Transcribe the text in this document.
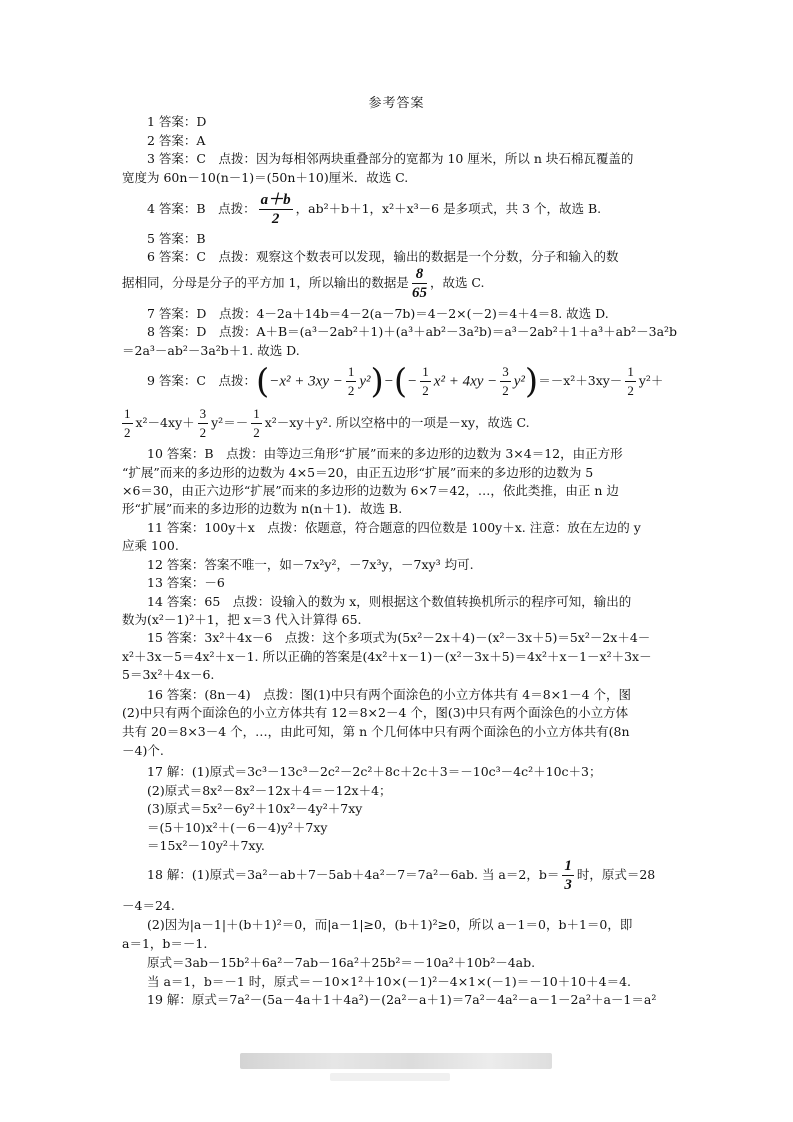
参考答案
1 答案：D
2 答案：A
3 答案：C　点拨：因为每相邻两块重叠部分的宽都为 10 厘米，所以 n 块石棉瓦覆盖的
宽度为 60n－10(n－1)＝(50n＋10)厘米．故选 C.
4 答案：B　点拨： $\frac{a+b}{2}$ ，ab²＋b＋1，x²＋x³－6 是多项式，共 3 个，故选 B.
5 答案：B
6 答案：C　点拨：观察这个数表可以发现，输出的数据是一个分数，分子和输入的数
据相同，分母是分子的平方加 1，所以输出的数据是 $\frac{8}{65}$ ，故选 C.
7 答案：D　点拨：4－2a＋14b＝4－2(a－7b)＝4－2×(－2)＝4＋4＝8. 故选 D.
8 答案：D　点拨：A＋B＝(a³－2ab²＋1)＋(a³＋ab²－3a²b)＝a³－2ab²＋1＋a³＋ab²－3a²b
＝2a³－ab²－3a²b＋1. 故选 D.
9 答案：C　点拨：$(-x^2 + 3xy - \frac{1}{2} y^2)-(- \frac{1}{2} x^2 + 4xy - \frac{3}{2} y^2)=-x^2+3xy- \frac{1}{2} y^2+$
$\frac{1}{2} x^2-4xy+ \frac{3}{2} y^2=- \frac{1}{2} x^2-xy+y^2$. 所以空格中的一项是－xy，故选 C.
10 答案：B　点拨：由等边三角形“扩展”而来的多边形的边数为 3×4＝12，由正方形
“扩展”而来的多边形的边数为 4×5＝20，由正五边形“扩展”而来的多边形的边数为 5
×6＝30，由正六边形“扩展”而来的多边形的边数为 6×7＝42，…，依此类推，由正 n 边
形“扩展”而来的多边形的边数为 n(n＋1)．故选 B.
11 答案：100y＋x　点拨：依题意，符合题意的四位数是 100y＋x. 注意：放在左边的 y
应乘 100.
12 答案：答案不唯一，如－7x²y²，－7x³y，－7xy³ 均可.
13 答案：－6
14 答案：65　点拨：设输入的数为 x，则根据这个数值转换机所示的程序可知，输出的
数为(x²－1)²＋1，把 x＝3 代入计算得 65.
15 答案：3x²＋4x－6　点拨：这个多项式为(5x²－2x＋4)－(x²－3x＋5)＝5x²－2x＋4－
x²＋3x－5＝4x²＋x－1. 所以正确的答案是(4x²＋x－1)－(x²－3x＋5)＝4x²＋x－1－x²＋3x－
5＝3x²＋4x－6.
16 答案：(8n－4)　点拨：图(1)中只有两个面涂色的小立方体共有 4＝8×1－4 个，图
(2)中只有两个面涂色的小立方体共有 12＝8×2－4 个，图(3)中只有两个面涂色的小立方体
共有 20＝8×3－4 个，…，由此可知，第 n 个几何体中只有两个面涂色的小立方体共有(8n
－4)个.
17 解：(1)原式＝3c³－13c³－2c²－2c²＋8c＋2c＋3＝－10c³－4c²＋10c＋3；
(2)原式＝8x²－8x²－12x＋4＝－12x＋4；
(3)原式＝5x²－6y²＋10x²－4y²＋7xy
＝(5＋10)x²＋(－6－4)y²＋7xy
＝15x²－10y²＋7xy.
18 解：(1)原式＝3a²－ab＋7－5ab＋4a²－7＝7a²－6ab. 当 a＝2，$b= \frac{1}{3}$ 时，原式＝28
－4＝24.
(2)因为|a－1|＋(b＋1)²＝0，而|a－1|≥0，(b＋1)²≥0，所以 a－1＝0，b＋1＝0，即
a＝1，b＝－1.
原式＝3ab－15b²＋6a²－7ab－16a²＋25b²＝－10a²＋10b²－4ab.
当 a＝1，b＝－1 时，原式＝－10×1²＋10×(－1)²－4×1×(－1)＝－10＋10＋4＝4.
19 解：原式＝7a²－(5a－4a＋1＋4a²)－(2a²－a＋1)＝7a²－4a²－a－1－2a²＋a－1＝a²
